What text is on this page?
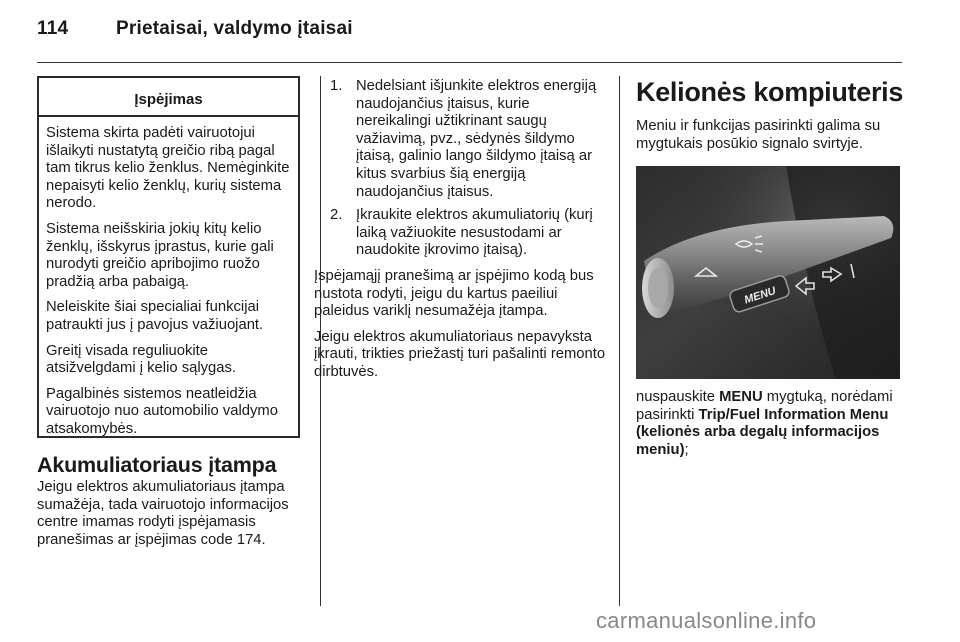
114	Prietaisai, valdymo įtaisai
Įspėjimas

Sistema skirta padėti vairuotojui išlaikyti nustatytą greičio ribą pagal tam tikrus kelio ženklus. Nemėginkite nepaisyti kelio ženklų, kurių sistema nerodo.

Sistema neišskiria jokių kitų kelio ženklų, išskyrus įprastus, kurie gali nurodyti greičio apribojimo ruožo pradžią arba pabaigą.

Neleiskite šiai specialiai funkcijai patraukti jus į pavojus važiuojant.

Greitį visada reguliuokite atsižvelgdami į kelio sąlygas.

Pagalbinės sistemos neatleidžia vairuotojo nuo automobilio valdymo atsakomybės.

Akumuliatoriaus įtampa

Jeigu elektros akumuliatoriaus įtampa sumažėja, tada vairuotojo informacijos centre imamas rodyti įspėjamasis pranešimas ar įspėjimas code 174.

1. Nedelsiant išjunkite elektros energiją naudojančius įtaisus, kurie nereikalingi užtikrinant saugų važiavimą, pvz., sėdynės šildymo įtaisą, galinio lango šildymo įtaisą ar kitus svarbius šią energiją naudojančius įtaisus.
2. Įkraukite elektros akumuliatorių (kurį laiką važiuokite nesustodami ar naudokite įkrovimo įtaisą).

Įspėjamąjį pranešimą ar įspėjimo kodą bus nustota rodyti, jeigu du kartus paeiliui paleidus variklį nesumažėja įtampa.

Jeigu elektros akumuliatoriaus nepavyksta įkrauti, trikties priežastį turi pašalinti remonto dirbtuvės.

Kelionės kompiuteris

Meniu ir funkcijas pasirinkti galima su mygtukais posūkio signalo svirtyje.

MENU

nuspauskite MENU mygtuką, norėdami pasirinkti Trip/Fuel Information Menu (kelionės arba degalų informacijos meniu);

carmanualsonline.info
